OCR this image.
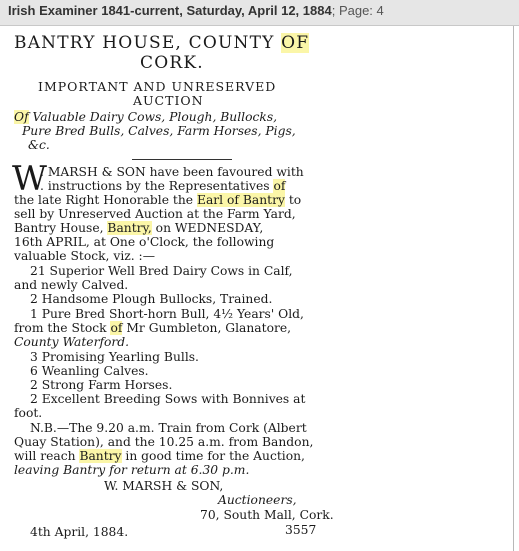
Irish Examiner 1841-current, Saturday, April 12, 1884; Page: 4
BANTRY HOUSE, COUNTY OF
CORK.
IMPORTANT AND UNRESERVED
AUCTION
Of Valuable Dairy Cows, Plough, Bullocks,
Pure Bred Bulls, Calves, Farm Horses, Pigs,
&c.
W
. MARSH & SON have been favoured with
. instructions by the Representatives of
the late Right Honorable the Earl of Bantry to
sell by Unreserved Auction at the Farm Yard,
Bantry House, Bantry, on WEDNESDAY,
16th APRIL, at One o'Clock, the following
valuable Stock, viz. :—
21 Superior Well Bred Dairy Cows in Calf,
and newly Calved.
2 Handsome Plough Bullocks, Trained.
1 Pure Bred Short-horn Bull, 4½ Years' Old,
from the Stock of Mr Gumbleton, Glanatore,
County Waterford.
3 Promising Yearling Bulls.
6 Weanling Calves.
2 Strong Farm Horses.
2 Excellent Breeding Sows with Bonnives at
foot.
N.B.—The 9.20 a.m. Train from Cork (Albert
Quay Station), and the 10.25 a.m. from Bandon,
will reach Bantry in good time for the Auction,
leaving Bantry for return at 6.30 p.m.
W. MARSH & SON,
Auctioneers,
70, South Mall, Cork.
4th April, 1884.	3557
